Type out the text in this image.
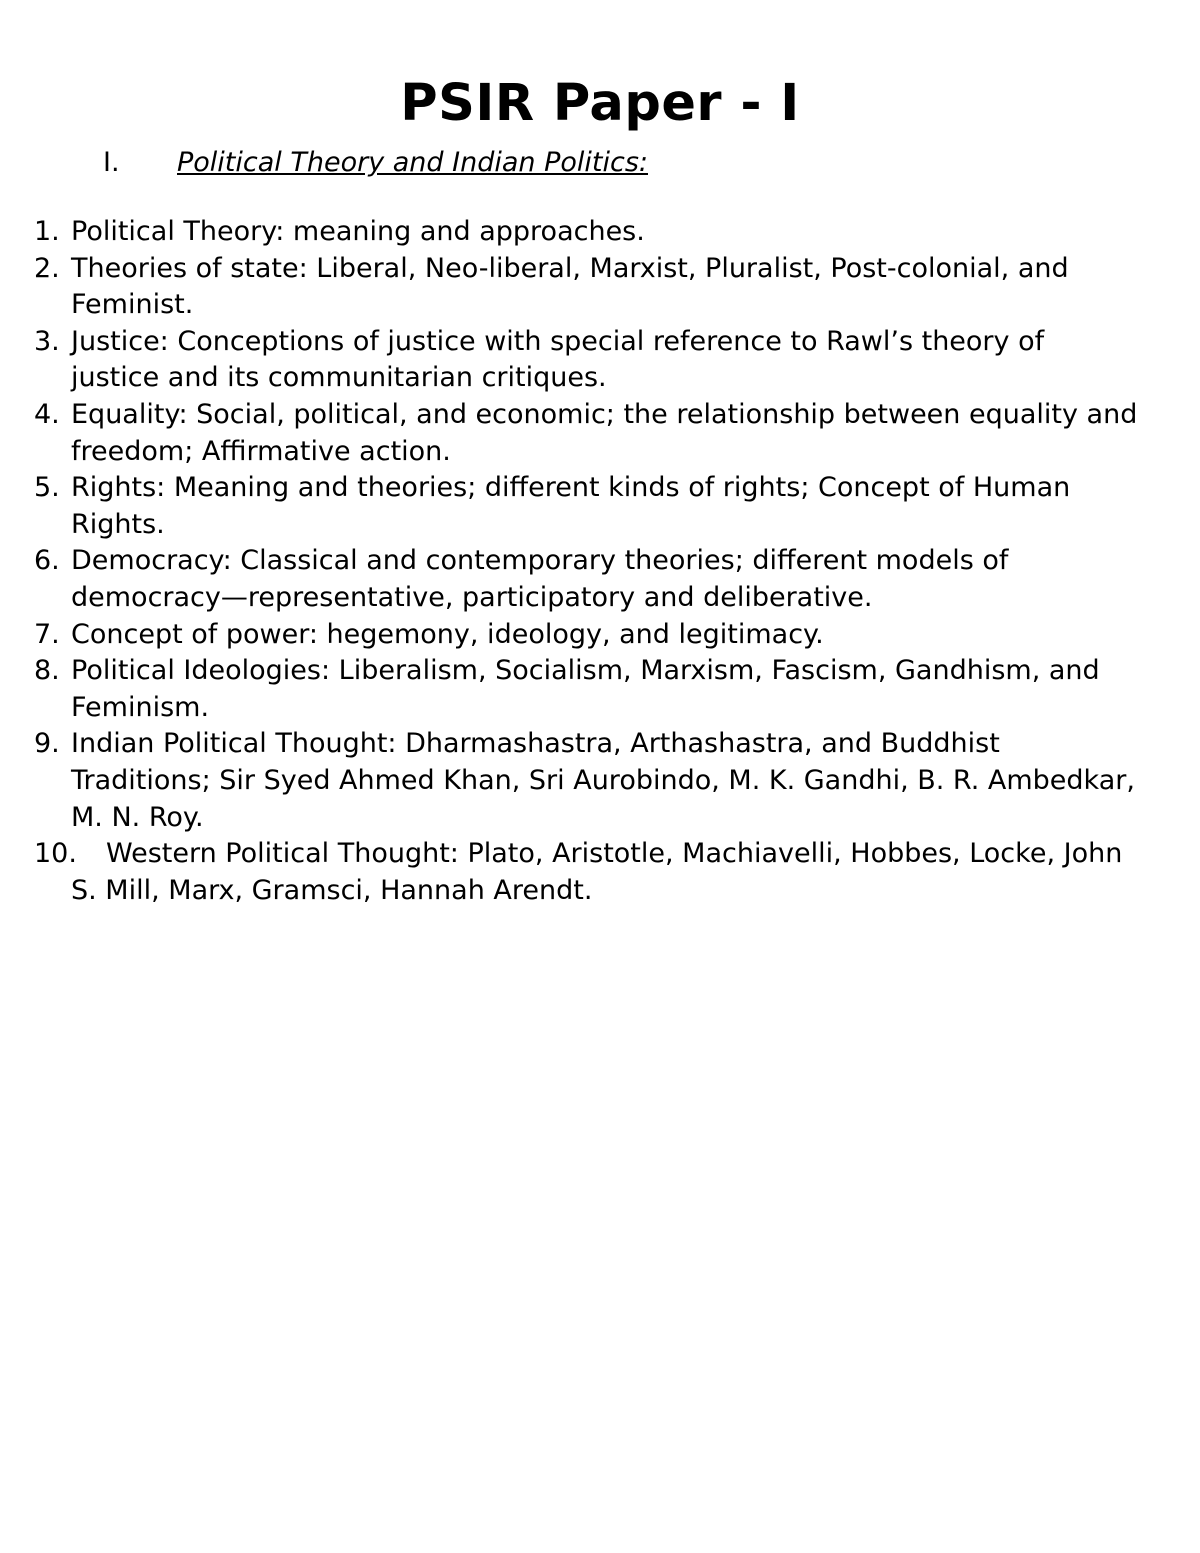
PSIR Paper - I
I. Political Theory and Indian Politics:
1. Political Theory: meaning and approaches.
2. Theories of state: Liberal, Neo-liberal, Marxist, Pluralist, Post-colonial, and Feminist.
3. Justice: Conceptions of justice with special reference to Rawl’s theory of justice and its communitarian critiques.
4. Equality: Social, political, and economic; the relationship between equality and freedom; Affirmative action.
5. Rights: Meaning and theories; different kinds of rights; Concept of Human Rights.
6. Democracy: Classical and contemporary theories; different models of democracy—representative, participatory and deliberative.
7. Concept of power: hegemony, ideology, and legitimacy.
8. Political Ideologies: Liberalism, Socialism, Marxism, Fascism, Gandhism, and Feminism.
9. Indian Political Thought: Dharmashastra, Arthashastra, and Buddhist Traditions; Sir Syed Ahmed Khan, Sri Aurobindo, M. K. Gandhi, B. R. Ambedkar, M. N. Roy.
10. Western Political Thought: Plato, Aristotle, Machiavelli, Hobbes, Locke, John S. Mill, Marx, Gramsci, Hannah Arendt.
